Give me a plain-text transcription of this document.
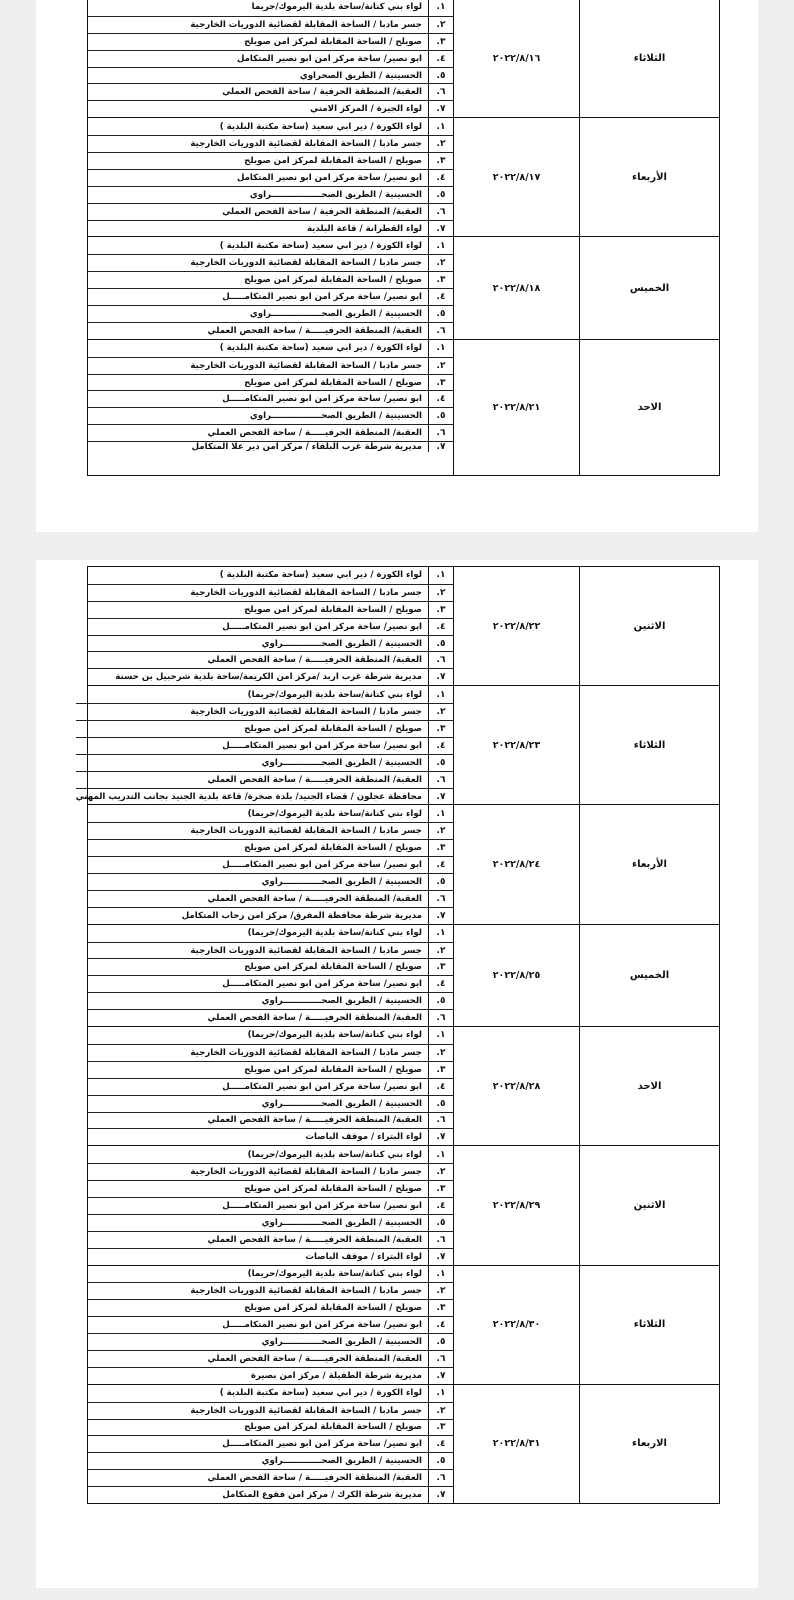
الثلاثاء
٢٠٢٢/٨/١٦
١.
لواء بني كنانة/ساحة بلدية اليرموك/حريما
٢.
جسر مادبا / الساحة المقابلة لقضائية الدوريات الخارجية
٣.
صويلح / الساحة المقابلة لمركز امن صويلح
٤.
ابو نصير/ ساحة مركز امن ابو نصير المتكامل
٥.
الحسينية / الطريق الصحراوي
٦.
العقبة/ المنطقة الحرفية / ساحة الفحص العملي
٧.
لواء الجيزة / المركز الامني
الأربعاء
٢٠٢٢/٨/١٧
١.
لواء الكورة / دير ابي سعيد (ساحة مكتبة البلدية )
٢.
جسر مادبا / الساحة المقابلة لقضائية الدوريات الخارجية
٣.
صويلح / الساحة المقابلة لمركز امن صويلح
٤.
ابو نصير/ ساحة مركز امن ابو نصير المتكامل
٥.
الحسينية / الطريق الصحـــــــــــــــــراوي
٦.
العقبة/ المنطقة الحرفية / ساحة الفحص العملي
٧.
لواء القطرانة / قاعة البلدية
الخميس
٢٠٢٢/٨/١٨
١.
لواء الكورة / دير ابي سعيد (ساحة مكتبة البلدية )
٢.
جسر مادبا / الساحة المقابلة لقضائية الدوريات الخارجية
٣.
صويلح / الساحة المقابلة لمركز امن صويلح
٤.
ابو نصير/ ساحة مركز امن ابو نصير المتكامـــــل
٥.
الحسينية / الطريق الصحـــــــــــــــــراوي
٦.
العقبة/ المنطقة الحرفيـــــة / ساحة الفحص العملي
الاحد
٢٠٢٢/٨/٢١
١.
لواء الكورة / دير ابي سعيد (ساحة مكتبة البلدية )
٢.
جسر مادبا / الساحة المقابلة لقضائية الدوريات الخارجية
٣.
صويلح / الساحة المقابلة لمركز امن صويلح
٤.
ابو نصير/ ساحة مركز امن ابو نصير المتكامـــــل
٥.
الحسينية / الطريق الصحـــــــــــــــــراوي
٦.
العقبة/ المنطقة الحرفيـــــة / ساحة الفحص العملي
٧.
مديرية شرطة غرب البلقاء / مركز امن دير علا المتكامل
الاثنين
٢٠٢٢/٨/٢٢
١.
لواء الكورة / دير ابي سعيد (ساحة مكتبة البلدية )
٢.
جسر مادبا / الساحة المقابلة لقضائية الدوريات الخارجية
٣.
صويلح / الساحة المقابلة لمركز امن صويلح
٤.
ابو نصير/ ساحة مركز امن ابو نصير المتكامـــــل
٥.
الحسينية / الطريق الصحـــــــــــــراوي
٦.
العقبة/ المنطقة الحرفيـــــة / ساحة الفحص العملي
٧.
مديرية شرطة غرب اربد /مركز امن الكريمة/ساحة بلدية شرحبيل بن حسنة
الثلاثاء
٢٠٢٢/٨/٢٣
١.
لواء بني كنانة/ساحة بلدية اليرموك/حريما)
٢.
جسر مادبا / الساحة المقابلة لقضائية الدوريات الخارجية
٣.
صويلح / الساحة المقابلة لمركز امن صويلح
٤.
ابو نصير/ ساحة مركز امن ابو نصير المتكامـــــل
٥.
الحسينية / الطريق الصحـــــــــــــراوي
٦.
العقبة/ المنطقة الحرفيـــــة / ساحة الفحص العملي
٧.
محافظة عجلون / قضاء الجنيد/ بلدة صخرة/ قاعة بلدية الجنيد بجانب التدريب المهني
الأربعاء
٢٠٢٢/٨/٢٤
١.
لواء بني كنانة/ساحة بلدية اليرموك/حريما)
٢.
جسر مادبا / الساحة المقابلة لقضائية الدوريات الخارجية
٣.
صويلح / الساحة المقابلة لمركز امن صويلح
٤.
ابو نصير/ ساحة مركز امن ابو نصير المتكامـــــل
٥.
الحسينية / الطريق الصحـــــــــــــراوي
٦.
العقبة/ المنطقة الحرفيـــــة / ساحة الفحص العملي
٧.
مديرية شرطة محافظة المفرق/ مركز امن رحاب المتكامل
الخميس
٢٠٢٢/٨/٢٥
١.
لواء بني كنانة/ساحة بلدية اليرموك/حريما)
٢.
جسر مادبا / الساحة المقابلة لقضائية الدوريات الخارجية
٣.
صويلح / الساحة المقابلة لمركز امن صويلح
٤.
ابو نصير/ ساحة مركز امن ابو نصير المتكامـــــل
٥.
الحسينية / الطريق الصحـــــــــــــراوي
٦.
العقبة/ المنطقة الحرفيـــــة / ساحة الفحص العملي
الاحد
٢٠٢٢/٨/٢٨
١.
لواء بني كنانة/ساحة بلدية اليرموك/حريما)
٢.
جسر مادبا / الساحة المقابلة لقضائية الدوريات الخارجية
٣.
صويلح / الساحة المقابلة لمركز امن صويلح
٤.
ابو نصير/ ساحة مركز امن ابو نصير المتكامـــــل
٥.
الحسينية / الطريق الصحـــــــــــــراوي
٦.
العقبة/ المنطقة الحرفيـــــة / ساحة الفحص العملي
٧.
لواء البتراء / موقف الباصات
الاثنين
٢٠٢٢/٨/٢٩
١.
لواء بني كنانة/ساحة بلدية اليرموك/حريما)
٢.
جسر مادبا / الساحة المقابلة لقضائية الدوريات الخارجية
٣.
صويلح / الساحة المقابلة لمركز امن صويلح
٤.
ابو نصير/ ساحة مركز امن ابو نصير المتكامـــــل
٥.
الحسينية / الطريق الصحـــــــــــــراوي
٦.
العقبة/ المنطقة الحرفيـــــة / ساحة الفحص العملي
٧.
لواء البتراء / موقف الباصات
الثلاثاء
٢٠٢٢/٨/٣٠
١.
لواء بني كنانة/ساحة بلدية اليرموك/حريما)
٢.
جسر مادبا / الساحة المقابلة لقضائية الدوريات الخارجية
٣.
صويلح / الساحة المقابلة لمركز امن صويلح
٤.
ابو نصير/ ساحة مركز امن ابو نصير المتكامـــــل
٥.
الحسينية / الطريق الصحـــــــــــــراوي
٦.
العقبة/ المنطقة الحرفيـــــة / ساحة الفحص العملي
٧.
مديرية شرطة الطفيلة / مركز امن بصيرة
الاربعاء
٢٠٢٢/٨/٣١
١.
لواء الكورة / دير ابي سعيد (ساحة مكتبة البلدية )
٢.
جسر مادبا / الساحة المقابلة لقضائية الدوريات الخارجية
٣.
صويلح / الساحة المقابلة لمركز امن صويلح
٤.
ابو نصير/ ساحة مركز امن ابو نصير المتكامـــــل
٥.
الحسينية / الطريق الصحـــــــــــــراوي
٦.
العقبة/ المنطقة الحرفيـــــة / ساحة الفحص العملي
٧.
مديرية شرطة الكرك / مركز امن فقوع المتكامل
